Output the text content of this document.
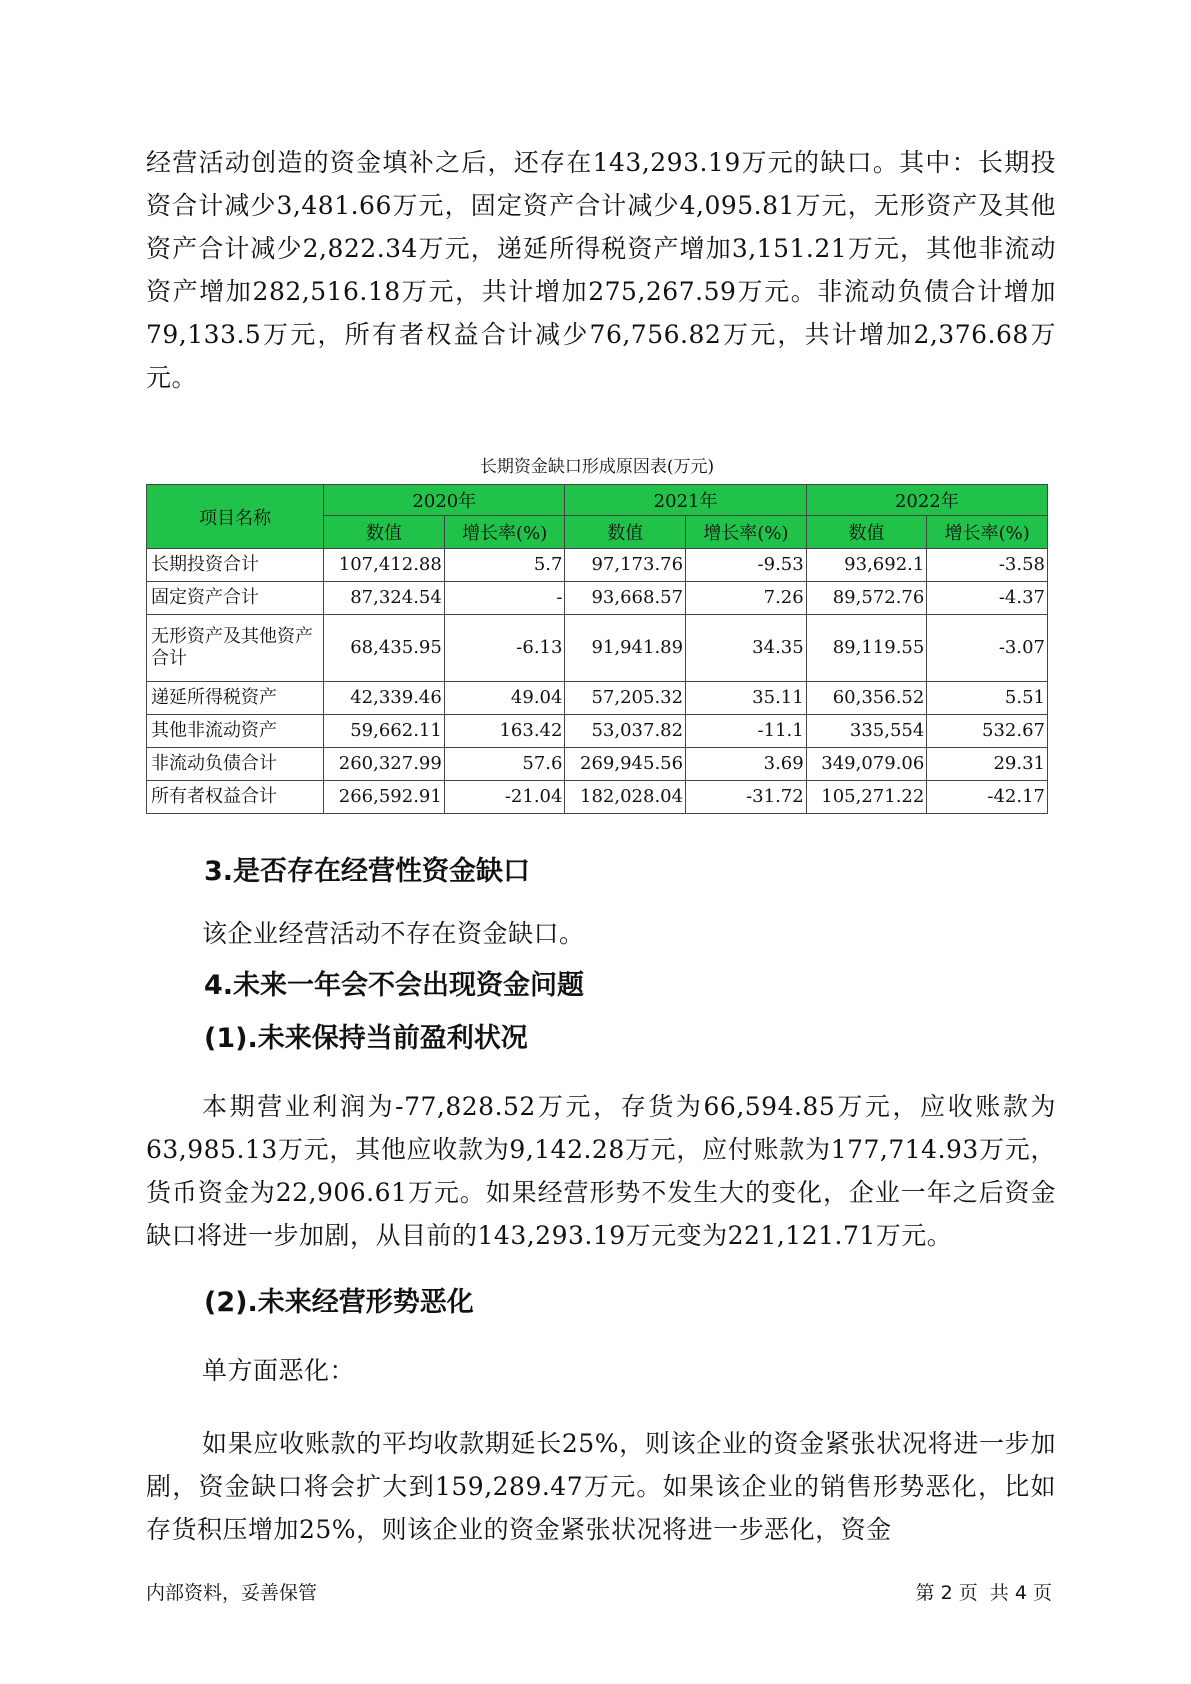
经营活动创造的资金填补之后，还存在143,293.19万元的缺口。其中：长期投资合计减少3,481.66万元，固定资产合计减少4,095.81万元，无形资产及其他资产合计减少2,822.34万元，递延所得税资产增加3,151.21万元，其他非流动资产增加282,516.18万元，共计增加275,267.59万元。非流动负债合计增加79,133.5万元，所有者权益合计减少76,756.82万元，共计增加2,376.68万元。

长期资金缺口形成原因表(万元)

项目名称	2020年		2021年		2022年	
	数值	增长率(%)	数值	增长率(%)	数值	增长率(%)
长期投资合计	107,412.88	5.7	97,173.76	-9.53	93,692.1	-3.58
固定资产合计	87,324.54	-	93,668.57	7.26	89,572.76	-4.37
无形资产及其他资产合计	68,435.95	-6.13	91,941.89	34.35	89,119.55	-3.07
递延所得税资产	42,339.46	49.04	57,205.32	35.11	60,356.52	5.51
其他非流动资产	59,662.11	163.42	53,037.82	-11.1	335,554	532.67
非流动负债合计	260,327.99	57.6	269,945.56	3.69	349,079.06	29.31
所有者权益合计	266,592.91	-21.04	182,028.04	-31.72	105,271.22	-42.17
3.是否存在经营性资金缺口

该企业经营活动不存在资金缺口。

4.未来一年会不会出现资金问题
(1).未来保持当前盈利状况

本期营业利润为-77,828.52万元，存货为66,594.85万元，应收账款为63,985.13万元，其他应收款为9,142.28万元，应付账款为177,714.93万元，货币资金为22,906.61万元。如果经营形势不发生大的变化，企业一年之后资金缺口将进一步加剧，从目前的143,293.19万元变为221,121.71万元。

(2).未来经营形势恶化

单方面恶化：

如果应收账款的平均收款期延长25%，则该企业的资金紧张状况将进一步加剧，资金缺口将会扩大到159,289.47万元。如果该企业的销售形势恶化，比如存货积压增加25%，则该企业的资金紧张状况将进一步恶化，资金

内部资料，妥善保管	第 2 页  共 4 页
